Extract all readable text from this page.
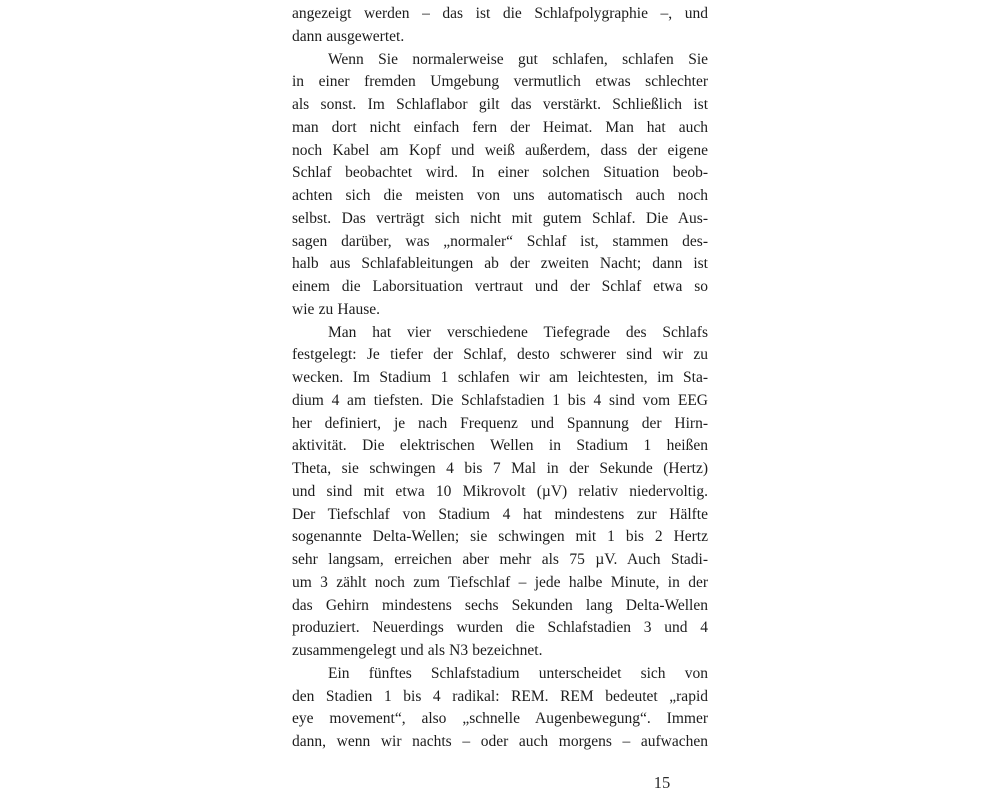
angezeigt werden – das ist die Schlafpolygraphie –, und
dann ausgewertet.
Wenn Sie normalerweise gut schlafen, schlafen Sie
in einer fremden Umgebung vermutlich etwas schlechter
als sonst. Im Schlaflabor gilt das verstärkt. Schließlich ist
man dort nicht einfach fern der Heimat. Man hat auch
noch Kabel am Kopf und weiß außerdem, dass der eigene
Schlaf beobachtet wird. In einer solchen Situation beob-
achten sich die meisten von uns automatisch auch noch
selbst. Das verträgt sich nicht mit gutem Schlaf. Die Aus-
sagen darüber, was „normaler“ Schlaf ist, stammen des-
halb aus Schlafableitungen ab der zweiten Nacht; dann ist
einem die Laborsituation vertraut und der Schlaf etwa so
wie zu Hause.
Man hat vier verschiedene Tiefegrade des Schlafs
festgelegt: Je tiefer der Schlaf, desto schwerer sind wir zu
wecken. Im Stadium 1 schlafen wir am leichtesten, im Sta-
dium 4 am tiefsten. Die Schlafstadien 1 bis 4 sind vom EEG
her definiert, je nach Frequenz und Spannung der Hirn-
aktivität. Die elektrischen Wellen in Stadium 1 heißen
Theta, sie schwingen 4 bis 7 Mal in der Sekunde (Hertz)
und sind mit etwa 10 Mikrovolt (µV) relativ niedervoltig.
Der Tiefschlaf von Stadium 4 hat mindestens zur Hälfte
sogenannte Delta-Wellen; sie schwingen mit 1 bis 2 Hertz
sehr langsam, erreichen aber mehr als 75 µV. Auch Stadi-
um 3 zählt noch zum Tiefschlaf – jede halbe Minute, in der
das Gehirn mindestens sechs Sekunden lang Delta-Wellen
produziert. Neuerdings wurden die Schlafstadien 3 und 4
zusammengelegt und als N3 bezeichnet.
Ein fünftes Schlafstadium unterscheidet sich von
den Stadien 1 bis 4 radikal: REM. REM bedeutet „rapid
eye movement“, also „schnelle Augenbewegung“. Immer
dann, wenn wir nachts – oder auch morgens – aufwachen
15
